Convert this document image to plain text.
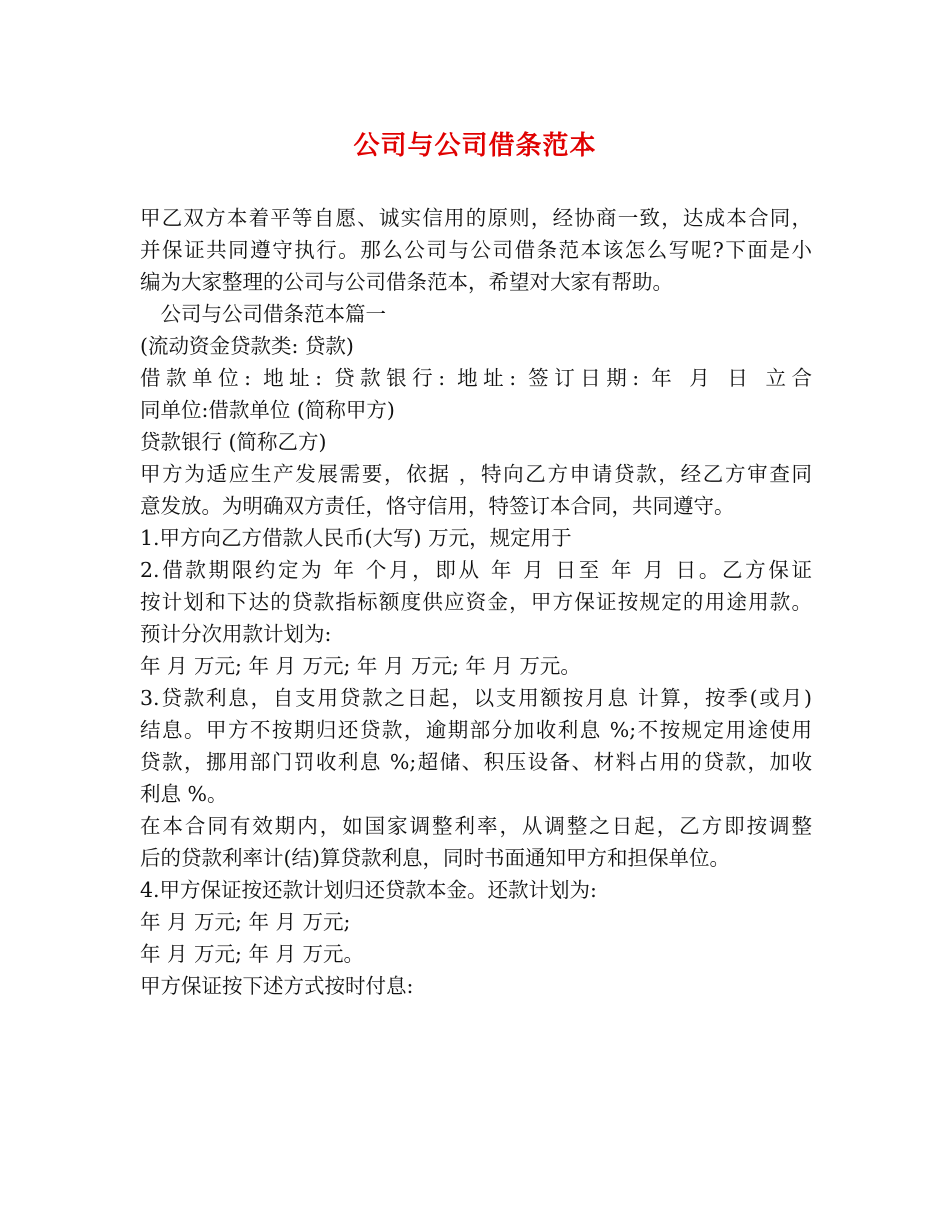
公司与公司借条范本
甲乙双方本着平等自愿、诚实信用的原则，经协商一致，达成本合同，
并保证共同遵守执行。那么公司与公司借条范本该怎么写呢?下面是小
编为大家整理的公司与公司借条范本，希望对大家有帮助。
　公司与公司借条范本篇一
(流动资金贷款类: 贷款)
借款单位: 地址: 贷款银行: 地址: 签订日期: 年 月 日 立合
同单位:借款单位 (简称甲方)
贷款银行 (简称乙方)
甲方为适应生产发展需要，依据 ，特向乙方申请贷款，经乙方审查同
意发放。为明确双方责任，恪守信用，特签订本合同，共同遵守。
1.甲方向乙方借款人民币(大写) 万元，规定用于
2.借款期限约定为 年 个月，即从 年 月 日至 年 月 日。乙方保证
按计划和下达的贷款指标额度供应资金，甲方保证按规定的用途用款。
预计分次用款计划为:
年 月 万元; 年 月 万元; 年 月 万元; 年 月 万元。
3.贷款利息，自支用贷款之日起，以支用额按月息 计算，按季(或月)
结息。甲方不按期归还贷款，逾期部分加收利息 %;不按规定用途使用
贷款，挪用部门罚收利息 %;超储、积压设备、材料占用的贷款，加收
利息 %。
在本合同有效期内，如国家调整利率，从调整之日起，乙方即按调整
后的贷款利率计(结)算贷款利息，同时书面通知甲方和担保单位。
4.甲方保证按还款计划归还贷款本金。还款计划为:
年 月 万元; 年 月 万元;
年 月 万元; 年 月 万元。
甲方保证按下述方式按时付息:
